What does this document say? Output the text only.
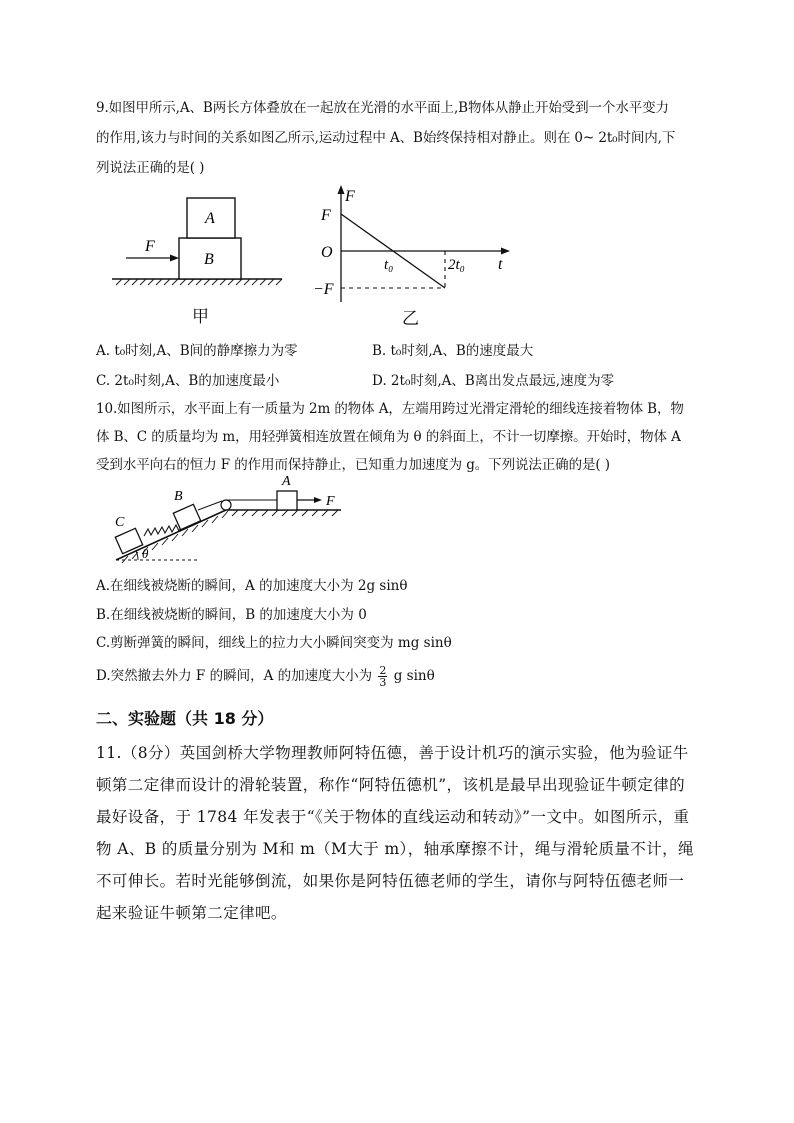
9.如图甲所示,A、B两长方体叠放在一起放在光滑的水平面上,B物体从静止开始受到一个水平变力
的作用,该力与时间的关系如图乙所示,运动过程中 A、B始终保持相对静止。则在 0~ 2t₀时间内,下
列说法正确的是( )
A
B
F
甲
F
F
O
−F
t₀	2t₀ t
乙
A. t₀时刻,A、B间的静摩擦力为零	B. t₀时刻,A、B的速度最大
C. 2t₀时刻,A、B的加速度最小	D. 2t₀时刻,A、B离出发点最远,速度为零
10.如图所示，水平面上有一质量为 2m 的物体 A，左端用跨过光滑定滑轮的细线连接着物体 B，物
体 B、C 的质量均为 m，用轻弹簧相连放置在倾角为 θ 的斜面上，不计一切摩擦。开始时，物体 A
受到水平向右的恒力 F 的作用而保持静止，已知重力加速度为 g。下列说法正确的是( )
θ
A
B
C
F
A.在细线被烧断的瞬间，A 的加速度大小为 2g sinθ
B.在细线被烧断的瞬间，B 的加速度大小为 0
C.剪断弹簧的瞬间，细线上的拉力大小瞬间突变为 mg sinθ
D.突然撤去外力 F 的瞬间，A 的加速度大小为 $\frac{2}{3}$ g sinθ
二、实验题（共 18 分）
11.（8分）英国剑桥大学物理教师阿特伍德，善于设计机巧的演示实验，他为验证牛
顿第二定律而设计的滑轮装置，称作“阿特伍德机”，该机是最早出现验证牛顿定律的
最好设备，于 1784 年发表于“《关于物体的直线运动和转动》”一文中。如图所示，重
物 A、B 的质量分别为 M和 m（M大于 m），轴承摩擦不计，绳与滑轮质量不计，绳
不可伸长。若时光能够倒流，如果你是阿特伍德老师的学生，请你与阿特伍德老师一
起来验证牛顿第二定律吧。
